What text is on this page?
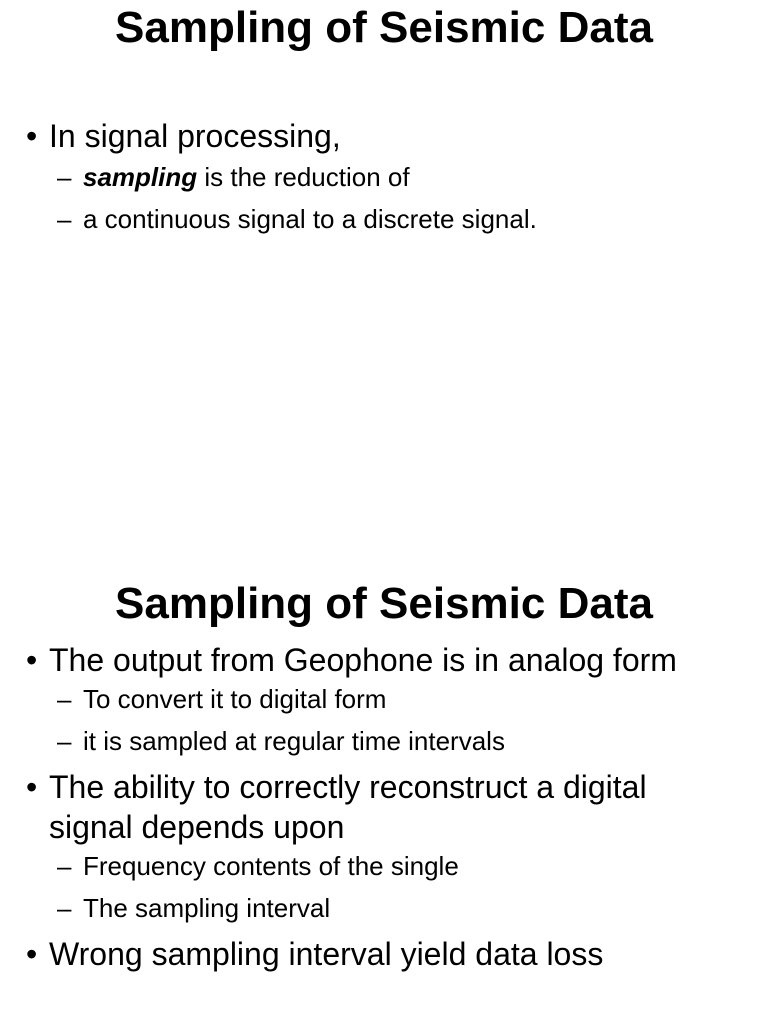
Sampling of Seismic Data
• In signal processing,
– sampling is the reduction of
– a continuous signal to a discrete signal.
Sampling of Seismic Data
• The output from Geophone is in analog form
– To convert it to digital form
– it is sampled at regular time intervals
• The ability to correctly reconstruct a digital
signal depends upon
– Frequency contents of the single
– The sampling interval
• Wrong sampling interval yield data loss
